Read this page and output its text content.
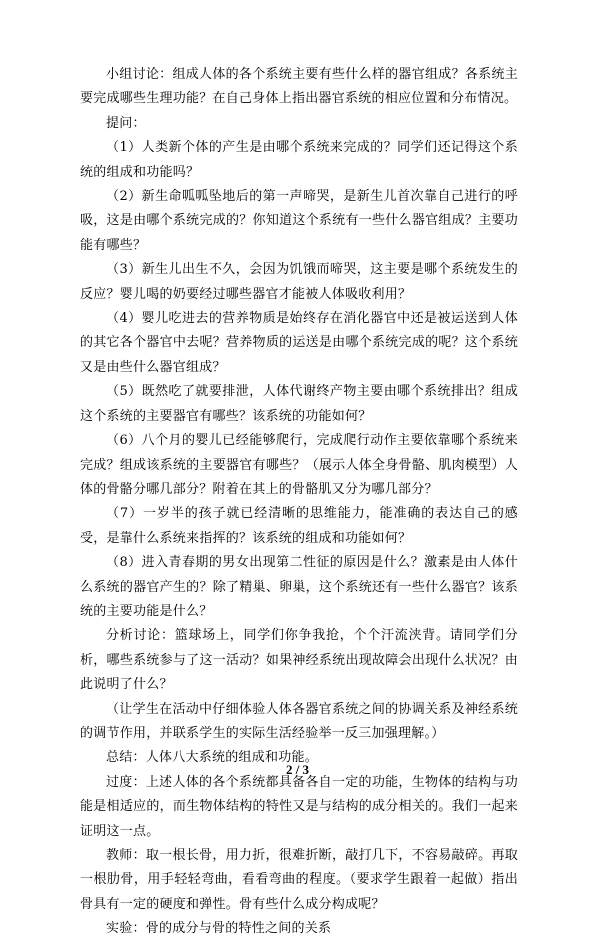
小组讨论：组成人体的各个系统主要有些什么样的器官组成？各系统主要完成哪些生理功能？在自己身体上指出器官系统的相应位置和分布情况。

提问：

（1）人类新个体的产生是由哪个系统来完成的？同学们还记得这个系统的组成和功能吗？

（2）新生命呱呱坠地后的第一声啼哭，是新生儿首次靠自己进行的呼吸，这是由哪个系统完成的？你知道这个系统有一些什么器官组成？主要功能有哪些？

（3）新生儿出生不久，会因为饥饿而啼哭，这主要是哪个系统发生的反应？婴儿喝的奶要经过哪些器官才能被人体吸收利用？

（4）婴儿吃进去的营养物质是始终存在消化器官中还是被运送到人体的其它各个器官中去呢？营养物质的运送是由哪个系统完成的呢？这个系统又是由些什么器官组成？

（5）既然吃了就要排泄，人体代谢终产物主要由哪个系统排出？组成这个系统的主要器官有哪些？该系统的功能如何？

（6）八个月的婴儿已经能够爬行，完成爬行动作主要依靠哪个系统来完成？组成该系统的主要器官有哪些？（展示人体全身骨骼、肌肉模型）人体的骨骼分哪几部分？附着在其上的骨骼肌又分为哪几部分？

（7）一岁半的孩子就已经清晰的思维能力，能准确的表达自己的感受，是靠什么系统来指挥的？该系统的组成和功能如何？

（8）进入青春期的男女出现第二性征的原因是什么？激素是由人体什么系统的器官产生的？除了精巢、卵巢，这个系统还有一些什么器官？该系统的主要功能是什么？

分析讨论：篮球场上，同学们你争我抢，个个汗流浃背。请同学们分析，哪些系统参与了这一活动？如果神经系统出现故障会出现什么状况？由此说明了什么？

（让学生在活动中仔细体验人体各器官系统之间的协调关系及神经系统的调节作用，并联系学生的实际生活经验举一反三加强理解。）

总结：人体八大系统的组成和功能。

过度：上述人体的各个系统都具备各自一定的功能，生物体的结构与功能是相适应的，而生物体结构的特性又是与结构的成分相关的。我们一起来证明这一点。

教师：取一根长骨，用力折，很难折断，敲打几下，不容易敲碎。再取一根肋骨，用手轻轻弯曲，看看弯曲的程度。（要求学生跟着一起做）指出骨具有一定的硬度和弹性。骨有些什么成分构成呢？

实验：骨的成分与骨的特性之间的关系

2 / 3
